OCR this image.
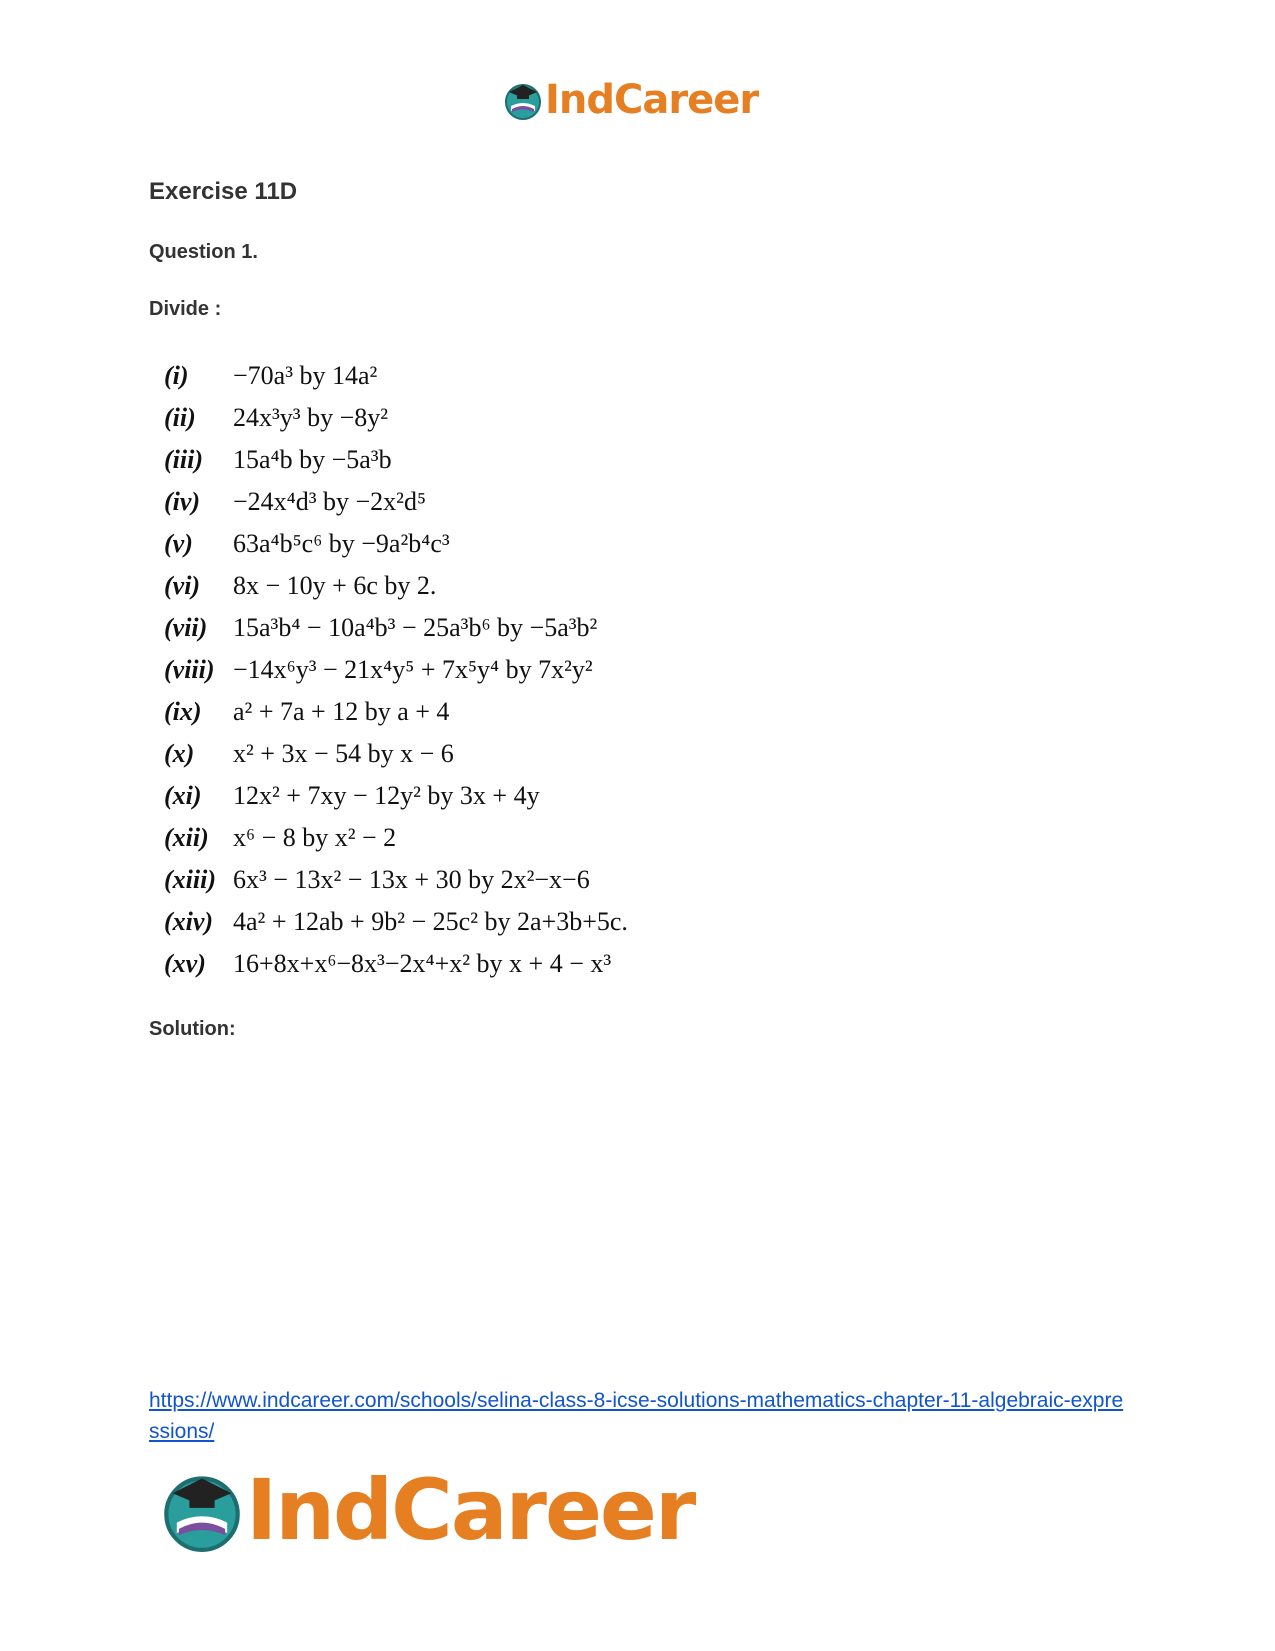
IndCareer
Exercise 11D
Question 1.
Divide :
(i)	−70a³ by 14a²
(ii)	24x³y³ by −8y²
(iii)	15a⁴b by −5a³b
(iv)	−24x⁴d³ by −2x²d⁵
(v)	63a⁴b⁵c⁶ by −9a²b⁴c³
(vi)	8x − 10y + 6c by 2.
(vii) 15a³b⁴ − 10a⁴b³ − 25a³b⁶ by −5a³b²
(viii) −14x⁶y³ − 21x⁴y⁵ + 7x⁵y⁴ by 7x²y²
(ix)	a² + 7a + 12 by a + 4
(x)	x² + 3x − 54 by x − 6
(xi)	12x² + 7xy − 12y² by 3x + 4y
(xii) x⁶ − 8 by x² − 2
(xiii) 6x³ − 13x² − 13x + 30 by 2x²−x−6
(xiv) 4a² + 12ab + 9b² − 25c² by 2a+3b+5c.
(xv)	16+8x+x⁶−8x³−2x⁴+x² by x + 4 − x³
Solution:
https://www.indcareer.com/schools/selina-class-8-icse-solutions-mathematics-chapter-11-algebraic-expressions/
IndCareer
